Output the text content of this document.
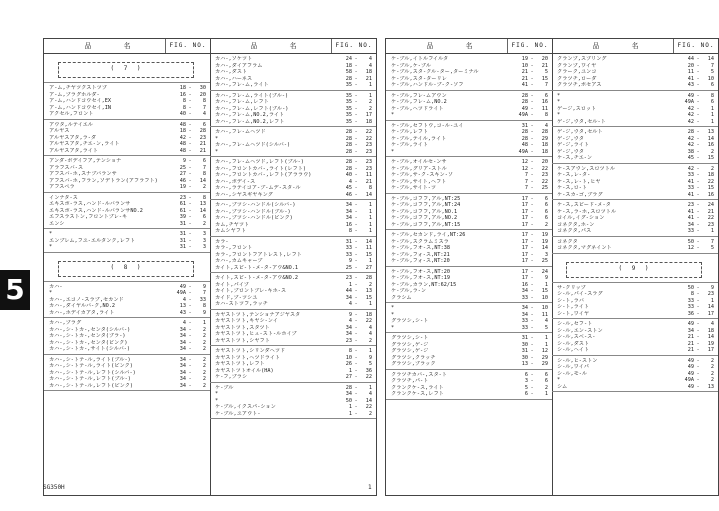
5
品 名	FIG. NO.
( 7 )
ア-ム,チヤツクストツプ	18 -	30
ア-ム,プラグホルダ-	16 -	20
ア-ム,ハンドコウセイ,EX	8 -	8
ア-ム,ハンドコウセイ,IN	8 -	7
アクセル,フロント	40 -	4
アウタ,ルテイエル	48 -	6
アルヤス	18 -	28
アルヤスアタ,ラ-ダ	42 -	23
アルヤスアタ,チエ-ン,ライト	48 -	21
アルヤスアタ,ライト	48 -	21
アンダ-ボデイフア,テンショナ	9 -	6
アラフスバ-ス	25 -	7
アフスバ-ホ,スナブバランサ	27 -	8
アフスバ-ホ,フラン,ソデトラン(アフラフト)	46 -	14
アフスペラ	19 -	2
インナタ-ス	23 -	8
エキスポ-ラス,ハンド-ルバランサ	61 -	13
エキスポ-ラス,ハンド-ルバランサNO.2	61 -	14
エフスラストン,フロントブレ-キ	39 -	6
エンシ	31 -	2
*	31 -	3
エンブレム,フユ-エルタンク,レフト	31 -	3
*	31 -	3
( 8 )
カハ-	49 -	9
*	49A -	7
カハ-,エコノ-スラブ,セカンド	4 -	33
カハ-,ダイヤルバ-ク,NO.2	13 -	8
カハ-,ホデイカアタ,ライト	43 -	9
カハ-,プラグ	4 -	1
カハ-,シ-トカ-,センタ(シルバ-)	34 -	2
カハ-,シ-トカ-,センタ(ブラ-)	34 -	2
カハ-,シ-トカ-,センタ(ピンク)	34 -	2
カハ-,シ-トカ-,サイト(シルバ-)	34 -	2
カハ-,シ-トテ-ル,ライト(ブル-)	34 -	2
カハ-,シ-トテ-ル,ライト(ピンク)	34 -	2
カハ-,シ-トテ-ル,レフト(シルバ-)	34 -	2
カハ-,シ-トテ-ル,レフト(ブル-)	34 -	2
カハ-,シ-トテ-ル,レフト(ピンク)	34 -	2
品 名	FIG. NO.
カハ-,ソケツト	24 -	4
カハ-,ダイアフラム	18 -	4
カハ-,ダスト	58 -	18
カハ-,ハーネス	28 -	21
カハ-,フレ-ム,ライト	35 -	1
カハ-,フレ-ム,ライト(ブル-)	35 -	1
カハ-,フレ-ム,レフト	35 -	2
カハ-,フレ-ム,レフト(ブル-)	35 -	2
カハ-,フレ-ム,NO.2,ライト	35 -	17
カハ-,フレ-ム,NO.2,レフト	35 -	18
カハ-,フレ-ムヘツド	28 -	22
*	28 -	22
カハ-,フレ-ムヘツド(シルバ-)	28 -	23
*	28 -	23
カハ-,フレ-ムヘツド,レフト(ブル-)	28 -	23
カハ-,フロントカバ-,ライト(レフト)	28 -	23
カハ-,フロントカバ-,レフト(アララウ)	40 -	11
カハ-,ボデイ-ス	4 -	21
カハ-,ラテイコア-ブ-ムデ-スタ-ル	45 -	8
カハ-,シヤスギヤキング	46 -	14
カハ-,ブツシ-ハンドル(シルバ-)	34 -	1
カハ-,ブツシ-ハンドル(ブル-)	34 -	1
カハ-,ブツシ-ハンドル(ピンク)	34 -	1
カム,チヤツト	16 -	1
カムシヤフト	8 -	1
カラ-	31 -	14
カラ-,フロント	33 -	11
カラ-,フロントフアトレスト,レフト	33 -	15
カハ-,カムキャーブ	9 -	1
カイト,スピ-ト-メ-タ-アウ&NO.1	25 -	27
カイト,スピ-ト-メ-タ-アウ&NO.2	23 -	28
カイト,パイプ	1 -	2
カイト,ブロントブレ-キホ-ス	44 -	13
カイド,プ-ツシユ	34 -	15
カハ-ストツフ,ラッチ	4 -	1
カヤストツト,テンショナアジヤスタ	9 -	18
カヤストツト,キヤシ-ンイ	4 -	22
カヤストツト,スタツト	34 -	4
カヤストツト,ヒュ-スト-ルホイブ	34 -	4
カヤストツト,シヤフト	23 -	2
カヤストツト,シリンダヘツド	8 -	1
カヤストツト,ヘツドライト	10 -	9
カヤストツト,レフト	26 -	5
カヤストツトオイル(HA)	1 -	36
ケ-フ,ブラシ	27 -	22
ケ-ブル	28 -	1
*	34 -	4
*	50 -	14
ケ-ブル,イクスパ-ション	1 -	22
ケ-ブル,ユアウト-	1 -	2
品 名	FIG. NO.
ケ-ブル,イトルフイルタ	19 -	20
ケ-ブル,ケ-ブル	10 -	21
ケ-ブル,スタ-クル-ター,ターミナル	21 -	5
ケ-ブル,スタ-ターリレ	21 -	15
ケ-ブル,ハンドル-ブ-ク-ソフ	41 -	7
ケ-ブル,フレ-ムアウン	28 -	6
ケ-ブル,フレ-ム,NO.2	28 -	16
ケ-ブル,ヘツドライト	49 -	11
*	49A -	8
ケ-ブル,セフトウ,コ-ル-ユイ	31 -	4
ケ-ブル,レフト	28 -	28
ケ-ブル,テイル,ライト	28 -	29
ケ-ブル,ライト	48 -	18
*	49A -	18
ケ-ブル,オイルセ-ンサ	12 -	20
ケ-ブル,グリア-ストル	12 -	22
ケ-ブル,サ-ク-スキン-ソ	7 -	23
ケ-ブル,サイト,ヘフト	7 -	22
ケ-ブル,サイト-ツ	7 -	25
ケ-ブル,コフフ,アル,NT:25	17 -	6
ケ-ブル,コフフ,アル,NT:24	17 -	6
ケ-ブル,コフフ,アル,NO.1	17 -	6
ケ-ブル,コフフ,アル,NO.2	17 -	6
ケ-ブル,コフフ,アル,NT:15	17 -	2
ケ-ブル,セカンド,ライ,NT:26	17 -	19
ケ-ブル,スクラムミスラ	17 -	19
ケ-ブル,フオ-ス,NT:38	17 -	14
ケ-ブル,フォ-ス,NT:21	17 -	3
ケ-ブル,フォ-ス,NT:20	17 -	25
ケ-ブル,フオ-ス,NT:20	17 -	24
ケ-ブル,フオ-ス,NT:19	17 -	9
ケ-ブル,カラン,NT:62/15	16 -	1
ケ-ブル,ラ-ン	34 -	15
クラシム	33 -	10
*	34 -	10
*	34 -	11
グラツシ,シ-ト	33 -	4
*	33 -	5
グラツシ,シ-ト	31 -	1
グラツシ,ゲ-ジ	30 -	1
グラツシ,ゲ-ジ	31 -	12
グラツシ,クラッチ	30 -	29
グラツシ,ブラック	13 -	29
クラツチカバ-,スタ-ト	6 -	6
クラツチ,パ-ト	3 -	6
クランクケ-ス,ライト	5 -	2
クランクケ-ス,レフト	6 -	1
品 名	FIG. NO.
クランプ,スプリング	44 -	14
クランプ,ワイヤ	20 -	7
クラーク,ユンコ	11 -	5
クラツチ,ローダ	41 -	10
クラツチ,ポセアス	43 -	6
*	49 -	8
*	49A -	6
ゲージ,スロット	42 -	1
*	42 -	1
ゲ-ジ,ウタ,セル-ト	42 -	1
ゲ-ジ,ウタ,セルト	28 -	13
ゲ-ジ,ウタ	42 -	14
ゲ-ジ,ライト	42 -	16
ゲ-ジ,ウタ	38 -	2
ケ-ス,チエ-ン	45 -	15
ケ-スアウン,スロツトル	42 -	2
ケ-ス,レ-タ-	33 -	18
ケ-ス,レ-ト,ヒヤ	41 -	22
ケ-ス,ロ-ト	33 -	15
ケ-スカ-ゴ,ブラグ	41 -	16
ケ-ス,スピード-メ-タ	23 -	24
ケ-ス,ラ-ホ,スロツトル	41 -	21
コイル,イグ-ション	41 -	22
コネクタ,ホ-ン	34 -	23
コネクタ,パス	33 -	1
コネクタ	50 -	7
コネクタ,マグネイント	12 -	5
( 9 )
サ-クリップ	50 -	9
シ-ル,パイ-スラグ	8 -	23
シ-ト,ラバ	33 -	1
シ-ト,ライト	33 -	14
シ-ト,ワイヤ	36 -	17
シ-ル,セフ-ト	49 -	4
シ-ル,エン-ストン	34 -	18
シ-ル,スベ-ス-	21 -	14
シ-ル,ダスト	21 -	19
シ-ル,ヘイト	21 -	17
シ-ル,ヒ-ストン	49 -	2
シ-ル,ワイパ	49 -	2
シ-ル,モ-ル	49 -	2
*	49A -	2
シム	49 -	13
SG350H	1
